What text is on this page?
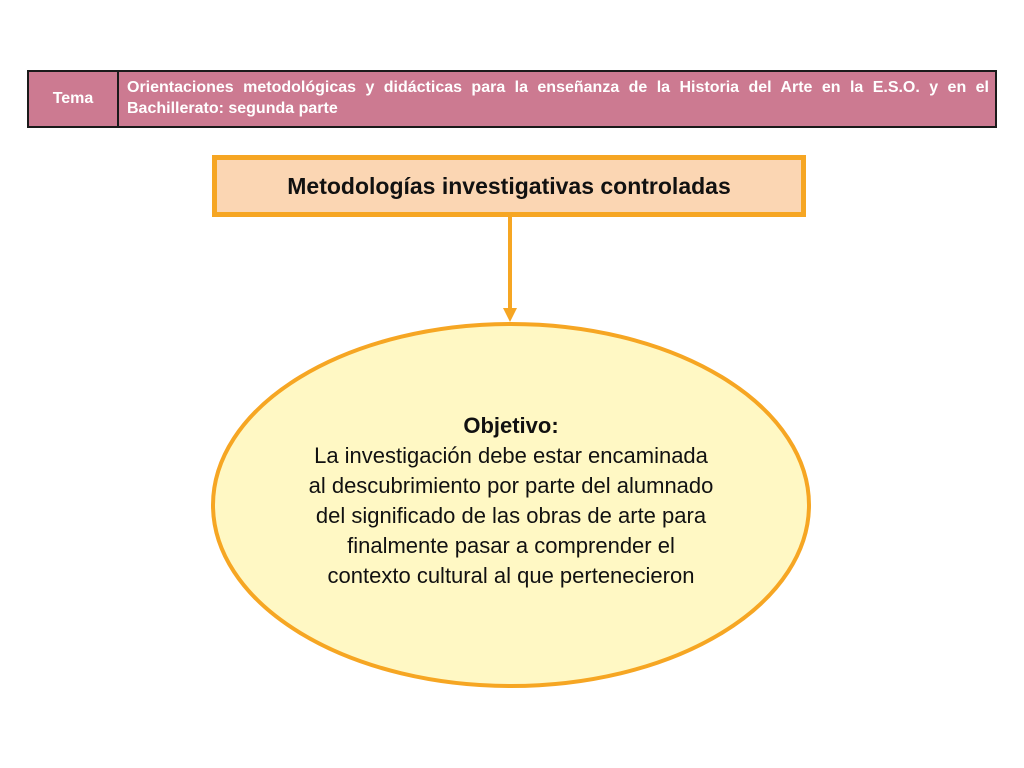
Tema
Orientaciones metodológicas y didácticas para la enseñanza de la Historia del Arte en la E.S.O. y en el Bachillerato: segunda parte
Metodologías investigativas controladas
Objetivo:
La investigación debe estar encaminada al descubrimiento por parte del alumnado del significado de las obras de arte para finalmente pasar a comprender el contexto cultural al que pertenecieron
